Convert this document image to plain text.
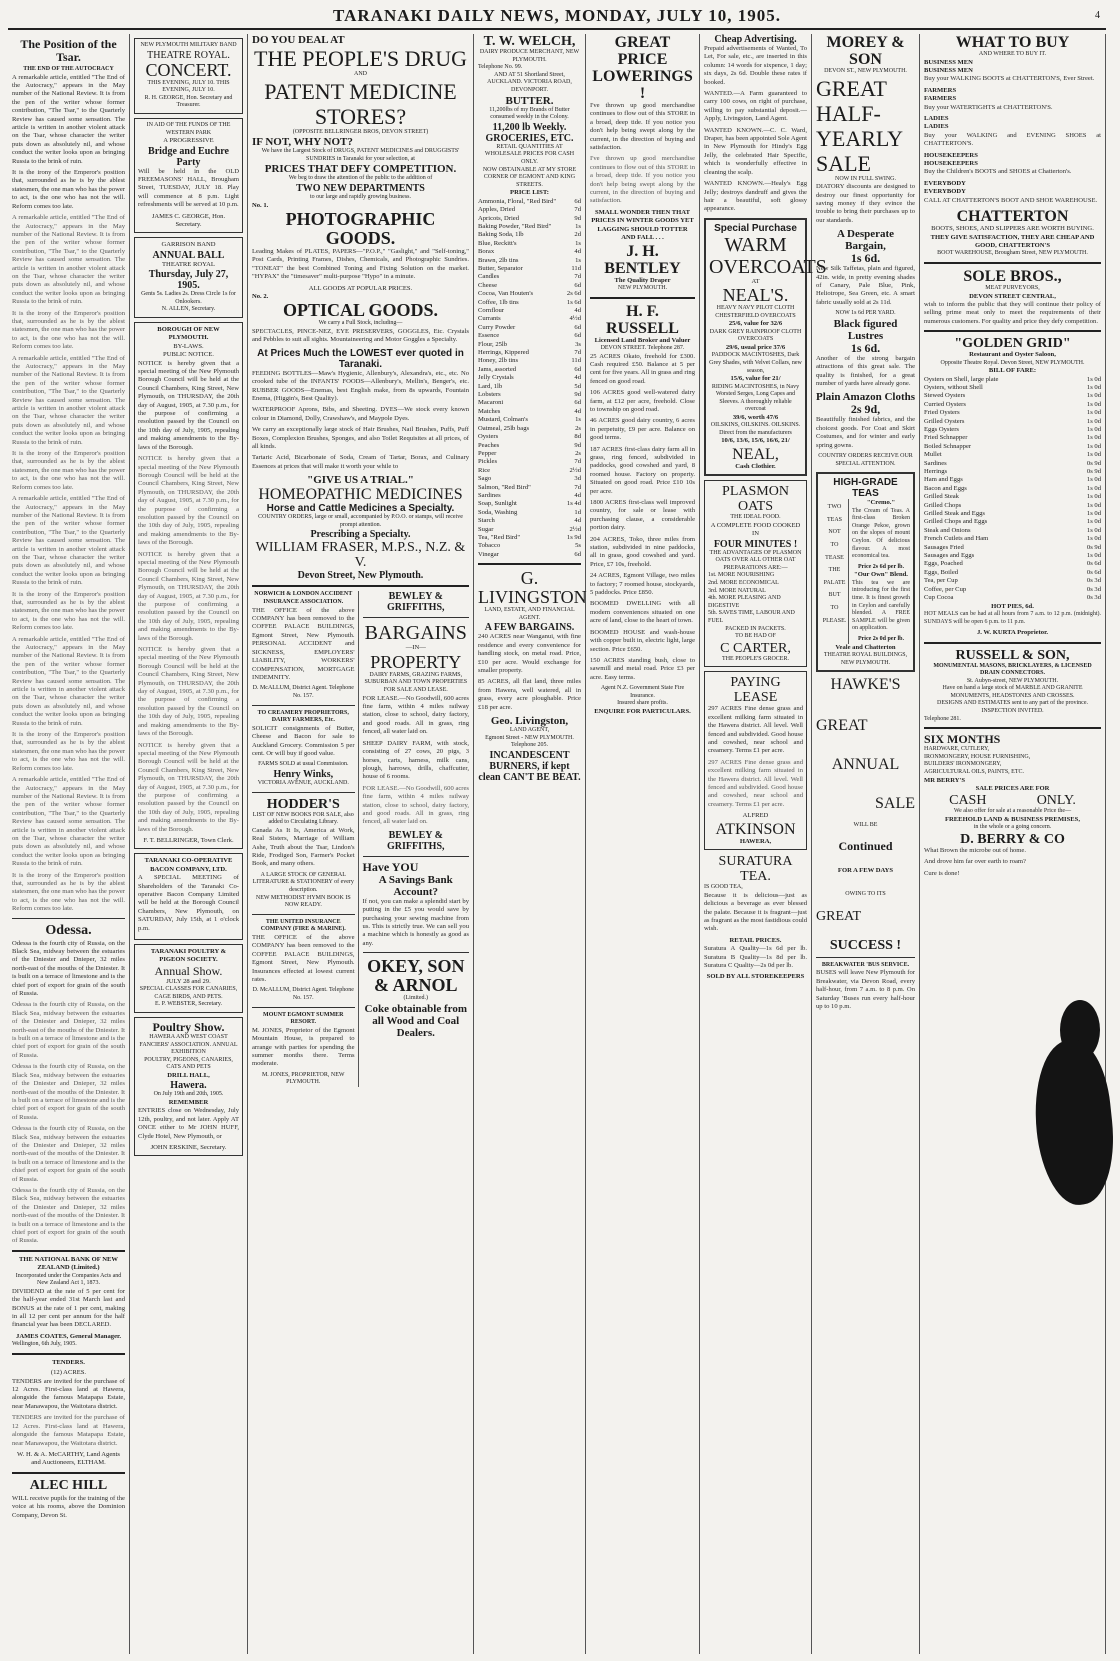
TARANAKI DAILY NEWS, MONDAY, JULY 10, 1905.	4
The Position of the Tsar.
THE END OF THE AUTOCRACY
A remarkable article, entitled "The End of the Autocracy," appears in the May number of the National Review. It is from the pen of the writer whose former contribution, "The Tsar," to the Quarterly Review has caused some sensation. The article is written in another violent attack on the Tsar, whose character the writer puts down as absolutely nil, and whose conduct the writer looks upon as bringing Russia to the brink of ruin.
It is the irony of the Emperor's position that, surrounded as he is by the ablest statesmen, the one man who has the power to act, is the one who has not the will. Reform comes too late.
A remarkable article, entitled "The End of the Autocracy," appears in the May number of the National Review. It is from the pen of the writer whose former contribution, "The Tsar," to the Quarterly Review has caused some sensation. The article is written in another violent attack on the Tsar, whose character the writer puts down as absolutely nil, and whose conduct the writer looks upon as bringing Russia to the brink of ruin.
It is the irony of the Emperor's position that, surrounded as he is by the ablest statesmen, the one man who has the power to act, is the one who has not the will. Reform comes too late.
A remarkable article, entitled "The End of the Autocracy," appears in the May number of the National Review. It is from the pen of the writer whose former contribution, "The Tsar," to the Quarterly Review has caused some sensation. The article is written in another violent attack on the Tsar, whose character the writer puts down as absolutely nil, and whose conduct the writer looks upon as bringing Russia to the brink of ruin.
It is the irony of the Emperor's position that, surrounded as he is by the ablest statesmen, the one man who has the power to act, is the one who has not the will. Reform comes too late.
A remarkable article, entitled "The End of the Autocracy," appears in the May number of the National Review. It is from the pen of the writer whose former contribution, "The Tsar," to the Quarterly Review has caused some sensation. The article is written in another violent attack on the Tsar, whose character the writer puts down as absolutely nil, and whose conduct the writer looks upon as bringing Russia to the brink of ruin.
It is the irony of the Emperor's position that, surrounded as he is by the ablest statesmen, the one man who has the power to act, is the one who has not the will. Reform comes too late.
A remarkable article, entitled "The End of the Autocracy," appears in the May number of the National Review. It is from the pen of the writer whose former contribution, "The Tsar," to the Quarterly Review has caused some sensation. The article is written in another violent attack on the Tsar, whose character the writer puts down as absolutely nil, and whose conduct the writer looks upon as bringing Russia to the brink of ruin.
It is the irony of the Emperor's position that, surrounded as he is by the ablest statesmen, the one man who has the power to act, is the one who has not the will. Reform comes too late.
A remarkable article, entitled "The End of the Autocracy," appears in the May number of the National Review. It is from the pen of the writer whose former contribution, "The Tsar," to the Quarterly Review has caused some sensation. The article is written in another violent attack on the Tsar, whose character the writer puts down as absolutely nil, and whose conduct the writer looks upon as bringing Russia to the brink of ruin.
It is the irony of the Emperor's position that, surrounded as he is by the ablest statesmen, the one man who has the power to act, is the one who has not the will. Reform comes too late.
Odessa.
Odessa is the fourth city of Russia, on the Black Sea, midway between the estuaries of the Dniester and Dnieper, 32 miles north-east of the mouths of the Dniester. It is built on a terrace of limestone and is the chief port of export for grain of the south of Russia.
Odessa is the fourth city of Russia, on the Black Sea, midway between the estuaries of the Dniester and Dnieper, 32 miles north-east of the mouths of the Dniester. It is built on a terrace of limestone and is the chief port of export for grain of the south of Russia.
Odessa is the fourth city of Russia, on the Black Sea, midway between the estuaries of the Dniester and Dnieper, 32 miles north-east of the mouths of the Dniester. It is built on a terrace of limestone and is the chief port of export for grain of the south of Russia.
Odessa is the fourth city of Russia, on the Black Sea, midway between the estuaries of the Dniester and Dnieper, 32 miles north-east of the mouths of the Dniester. It is built on a terrace of limestone and is the chief port of export for grain of the south of Russia.
Odessa is the fourth city of Russia, on the Black Sea, midway between the estuaries of the Dniester and Dnieper, 32 miles north-east of the mouths of the Dniester. It is built on a terrace of limestone and is the chief port of export for grain of the south of Russia.
THE NATIONAL BANK OF NEW ZEALAND (Limited.)
Incorporated under the Companies Acts and New Zealand Act 1, 1873.
DIVIDEND at the rate of 5 per cent for the half-year ended 31st March last and BONUS at the rate of 1 per cent, making in all 12 per cent per annum for the half financial year has been DECLARED.
JAMES COATES, General Manager.
Wellington, 6th July, 1905.
TENDERS.
(12) ACRES.
TENDERS are invited for the purchase of 12 Acres. First-class land at Hawera, alongside the famous Matapapa Estate, near Manawapou, the Waitotara district.
TENDERS are invited for the purchase of 12 Acres. First-class land at Hawera, alongside the famous Matapapa Estate, near Manawapou, the Waitotara district.
W. H. & A. McCARTHY, Land Agents and Auctioneers, ELTHAM.
ALEC HILL
WILL receive pupils for the training of the voice at his rooms, above the Dominion Company, Devon St.
NEW PLYMOUTH MILITARY BAND
THEATRE ROYAL.
CONCERT.
THIS EVENING, JULY 10. THIS EVENING, JULY 10.
R. H. GEORGE, Hon. Secretary and Treasurer.
IN AID OF THE FUNDS OF THE WESTERN PARK
A PROGRESSIVE
Bridge and Euchre Party
Will be held in the OLD FREEMASONS' HALL, Brougham Street, TUESDAY, JULY 18. Play will commence at 8 p.m. Light refreshments will be served at 10 p.m.
JAMES C. GEORGE, Hon. Secretary.
GARRISON BAND
ANNUAL BALL
THEATRE ROYAL
Thursday, July 27, 1905.
Gents 5s. Ladies 2s. Dress Circle 1s for Onlookers.
N. ALLEN, Secretary.
BOROUGH OF NEW PLYMOUTH.
BY-LAWS.
PUBLIC NOTICE.
NOTICE is hereby given that a special meeting of the New Plymouth Borough Council will be held at the Council Chambers, King Street, New Plymouth, on THURSDAY, the 20th day of August, 1905, at 7.30 p.m., for the purpose of confirming a resolution passed by the Council on the 10th day of July, 1905, repealing and making amendments to the By-laws of the Borough.
NOTICE is hereby given that a special meeting of the New Plymouth Borough Council will be held at the Council Chambers, King Street, New Plymouth, on THURSDAY, the 20th day of August, 1905, at 7.30 p.m., for the purpose of confirming a resolution passed by the Council on the 10th day of July, 1905, repealing and making amendments to the By-laws of the Borough.
NOTICE is hereby given that a special meeting of the New Plymouth Borough Council will be held at the Council Chambers, King Street, New Plymouth, on THURSDAY, the 20th day of August, 1905, at 7.30 p.m., for the purpose of confirming a resolution passed by the Council on the 10th day of July, 1905, repealing and making amendments to the By-laws of the Borough.
NOTICE is hereby given that a special meeting of the New Plymouth Borough Council will be held at the Council Chambers, King Street, New Plymouth, on THURSDAY, the 20th day of August, 1905, at 7.30 p.m., for the purpose of confirming a resolution passed by the Council on the 10th day of July, 1905, repealing and making amendments to the By-laws of the Borough.
NOTICE is hereby given that a special meeting of the New Plymouth Borough Council will be held at the Council Chambers, King Street, New Plymouth, on THURSDAY, the 20th day of August, 1905, at 7.30 p.m., for the purpose of confirming a resolution passed by the Council on the 10th day of July, 1905, repealing and making amendments to the By-laws of the Borough.
F. T. BELLRINGER, Town Clerk.
TARANAKI CO-OPERATIVE BACON COMPANY, LTD.
A SPECIAL MEETING of Shareholders of the Taranaki Co-operative Bacon Company Limited will be held at the Borough Council Chambers, New Plymouth, on SATURDAY, July 15th, at 1 o'clock p.m.
TARANAKI POULTRY & PIGEON SOCIETY.
Annual Show.
JULY 28 and 29.
SPECIAL CLASSES FOR CANARIES, CAGE BIRDS, AND PETS.
E. P. WEBSTER, Secretary.
Poultry Show.
HAWERA AND WEST COAST FANCIERS' ASSOCIATION. ANNUAL EXHIBITION
POULTRY, PIGEONS, CANARIES, CATS AND PETS
DRILL HALL,
Hawera.
On July 19th and 20th, 1905.
REMEMBER
ENTRIES close on Wednesday, July 12th, poultry, and not later. Apply AT ONCE either to Mr JOHN HUFF, Clyde Hotel, New Plymouth, or
JOHN ERSKINE, Secretary.
DO YOU DEAL AT
THE PEOPLE'S DRUG
AND
PATENT MEDICINE STORES?
(OPPOSITE BELLRINGER BROS, DEVON STREET)
IF NOT, WHY NOT?
We have the Largest Stock of DRUGS, PATENT MEDICINES and DRUGGISTS' SUNDRIES in Taranaki for your selection, at
PRICES THAT DEFY COMPETITION.
We beg to draw the attention of the public to the addition of
TWO NEW DEPARTMENTS
to our large and rapidly growing business.
No. 1.
PHOTOGRAPHIC GOODS.
Leading Makes of PLATES, PAPERS—"P.O.P.," "Gaslight," and "Self-toning," Post Cards, Printing Frames, Dishes, Chemicals, and Photographic Sundries. "TONEAT" the best Combined Toning and Fixing Solution on the market. "HYPAX" the "timesaver" multi-purpose "Hypo" in a minute.
ALL GOODS AT POPULAR PRICES.
No. 2.
OPTICAL GOODS.
We carry a Full Stock, including—
SPECTACLES, PINCE-NEZ, EYE PRESERVERS, GOGGLES, Etc. Crystals and Pebbles to suit all sights. Mountaineering and Motor Goggles a Specialty.
At Prices Much the LOWEST ever quoted in Taranaki.
FEEDING BOTTLES—Maw's Hygienic, Allenbury's, Alexandra's, etc., etc. No crooked tube of the INFANTS' FOODS—Allenbury's, Mellin's, Benger's, etc. RUBBER GOODS—Enemas, best English make, from 8s upwards, Fountain Enema, (Higgin's, Best Quality).
WATERPROOF Aprons, Bibs, and Sheeting. DYES—We stock every known colour in Diamond, Dolly, Crawshaw's, and Maypole Dyes.
We carry an exceptionally large stock of Hair Brushes, Nail Brushes, Puffs, Puff Boxes, Complexion Brushes, Sponges, and also Toilet Requisites at all prices, of all kinds.
Tartaric Acid, Bicarbonate of Soda, Cream of Tartar, Borax, and Culinary Essences at prices that will make it worth your while to
"GIVE US A TRIAL."
HOMEOPATHIC MEDICINES
Horse and Cattle Medicines a Specialty.
COUNTRY ORDERS, large or small, accompanied by P.O.O. or stamps, will receive prompt attention.
Prescribing a Specialty.
WILLIAM FRASER, M.P.S., N.Z. & V.
Devon Street, New Plymouth.
NORWICH & LONDON ACCIDENT INSURANCE ASSOCIATION.
THE OFFICE of the above COMPANY has been removed to the COFFEE PALACE BUILDINGS, Egmont Street, New Plymouth. PERSONAL ACCIDENT and SICKNESS, EMPLOYERS' LIABILITY, WORKERS' COMPENSATION, MORTGAGE INDEMNITY.
D. McALLUM, District Agent. Telephone No. 157.
TO CREAMERY PROPRIETORS, DAIRY FARMERS, Etc.
SOLICIT consignments of Butter, Cheese and Bacon for sale to Auckland Grocery. Commission 5 per cent. Or will buy if good value.
FARMS SOLD at usual Commission.
Henry Winks,
VICTORIA AVENUE, AUCKLAND.
HODDER'S
LIST OF NEW BOOKS FOR SALE, also added to Circulating Library.
Canada As It Is, America at Work, Real Sisters, Marriage of William Ashe, Truth about the Tsar, Lindon's Ride, Frodiged Son, Farmer's Pocket Book, and many others.
A LARGE STOCK OF GENERAL LITERATURE & STATIONERY of every description.
NEW METHODIST HYMN BOOK IS NOW READY.
THE UNITED INSURANCE COMPANY (FIRE & MARINE).
THE OFFICE of the above COMPANY has been removed to the COFFEE PALACE BUILDINGS, Egmont Street, New Plymouth. Insurances effected at lowest current rates.
D. McALLUM, District Agent. Telephone No. 157.
MOUNT EGMONT SUMMER RESORT.
M. JONES, Proprietor of the Egmont Mountain House, is prepared to arrange with parties for spending the summer months there. Terms moderate.
M. JONES, PROPRIETOR, NEW PLYMOUTH.
BEWLEY & GRIFFITHS,
BARGAINS
—IN—
PROPERTY
DAIRY FARMS, GRAZING FARMS, SUBURBAN AND TOWN PROPERTIES FOR SALE AND LEASE.
FOR LEASE.—No Goodwill, 600 acres fine farm, within 4 miles railway station, close to school, dairy factory, and good roads. All in grass, ring fenced, all water laid on.
SHEEP DAIRY FARM, with stock, consisting of 27 cows, 20 pigs, 3 horses, carts, harness, milk cans, plough, harrows, drills, chaffcutter, house of 6 rooms.
FOR LEASE.—No Goodwill, 600 acres fine farm, within 4 miles railway station, close to school, dairy factory, and good roads. All in grass, ring fenced, all water laid on.
BEWLEY & GRIFFITHS,
Have YOU
A Savings Bank Account?
If not, you can make a splendid start by putting in the £5 you would save by purchasing your sewing machine from us. This is strictly true. We can sell you a machine which is honestly as good as any.
OKEY, SON & ARNOL
(Limited.)
Coke obtainable from all Wood and Coal Dealers.
T. W. WELCH,
DAIRY PRODUCE MERCHANT, NEW PLYMOUTH.
Telephone No. 99.
AND AT 51 Shortland Street, AUCKLAND. VICTORIA ROAD, DEVONPORT.
BUTTER.
11,200lbs of my Brands of Butter consumed weekly in the Colony.
11,200 lb Weekly.
GROCERIES, ETC.
RETAIL QUANTITIES AT WHOLESALE PRICES FOR CASH ONLY.
NOW OBTAINABLE AT MY STORE CORNER OF EGMONT AND KING STREETS.
PRICE LIST:
Ammonia, Floral, "Red Bird"	6d
Apples, Dried	7d
Apricots, Dried	9d
Baking Powder, "Red Bird"	1s
Baking Soda, 1lb	2d
Blue, Reckitt's	1s
Borax	4d
Brawn, 2lb tins	1s
Butter, Separator	11d
Candles	7d
Cheese	6d
Cocoa, Van Houten's	2s 6d
Coffee, 1lb tins	1s 6d
Cornflour	4d
Currants	4½d
Curry Powder	6d
Essence	6d
Flour, 25lb	3s
Herrings, Kippered	7d
Honey, 2lb tins	11d
Jams, assorted	6d
Jelly Crystals	4d
Lard, 1lb	5d
Lobsters	9d
Macaroni	6d
Matches	4d
Mustard, Colman's	1s
Oatmeal, 25lb bags	2s
Oysters	8d
Peaches	9d
Pepper	2s
Pickles	7d
Rice	2½d
Sago	3d
Salmon, "Red Bird"	7d
Sardines	4d
Soap, Sunlight	1s 4d
Soda, Washing	1d
Starch	4d
Sugar	2½d
Tea, "Red Bird"	1s 9d
Tobacco	5s
Vinegar	6d
G. LIVINGSTON
LAND, ESTATE, AND FINANCIAL AGENT.
A FEW BARGAINS.
240 ACRES near Wanganui, with fine residence and every convenience for handling stock, on metal road. Price, £10 per acre. Would exchange for smaller property.
85 ACRES, all flat land, three miles from Hawera, well watered, all in grass, every acre ploughable. Price £18 per acre.
Geo. Livingston,
LAND AGENT,
Egmont Street - NEW PLYMOUTH. Telephone 205.
INCANDESCENT BURNERS, if kept clean CAN'T BE BEAT.
GREAT PRICE LOWERINGS !
I've thrown up good merchandise continues to flow out of this STORE in a broad, deep tide. If you notice you don't help being swept along by the current, in the direction of buying and satisfaction.
I've thrown up good merchandise continues to flow out of this STORE in a broad, deep tide. If you notice you don't help being swept along by the current, in the direction of buying and satisfaction.
SMALL WONDER THEN THAT PRICES IN WINTER GOODS YET LAGGING SHOULD TOTTER AND FALL . . .
J. H. BENTLEY
The Quality Draper
NEW PLYMOUTH.
H. F. RUSSELL
Licensed Land Broker and Valuer
DEVON STREET. Telephone 287.
25 ACRES Okato, freehold for £300. Cash required £50. Balance at 5 per cent for five years. All in grass and ring fenced on good road.
106 ACRES good well-watered dairy farm, at £12 per acre, freehold. Close to township on good road.
46 ACRES good dairy country, 6 acres in perpetuity, £9 per acre. Balance on good terms.
187 ACRES first-class dairy farm all in grass, ring fenced, subdivided in paddocks, good cowshed and yard, 8 roomed house. Factory on property. Situated on good road. Price £10 10s per acre.
1800 ACRES first-class well improved country, for sale or lease with purchasing clause, a considerable portion dairy.
204 ACRES, Toko, three miles from station, subdivided in nine paddocks, all in grass, good cowshed and yard. Price, £7 10s, freehold.
24 ACRES, Egmont Village, two miles to factory; 7 roomed house, stockyards, 5 paddocks. Price £850.
BOOMED DWELLING with all modern conveniences situated on one acre of land, close to the heart of town.
BOOMED HOUSE and wash-house with copper built in, electric light, large section. Price £650.
150 ACRES standing bush, close to sawmill and metal road. Price £3 per acre. Easy terms.
Agent N.Z. Government State Fire Insurance.
Insured share profits.
ENQUIRE FOR PARTICULARS.
Cheap Advertising.
Prepaid advertisements of Wanted, To Let, For sale, etc., are inserted in this column: 14 words for sixpence, 1 day; six days, 2s 6d. Double these rates if booked.
WANTED.—A Farm guaranteed to carry 100 cows, on right of purchase, willing to pay substantial deposit.—Apply, Livingston, Land Agent.
WANTED KNOWN.—C. C. Ward, Draper, has been appointed Sole Agent in New Plymouth for Hindy's Egg Jelly, the celebrated Hair Specific, which is wonderfully effective in cleaning the scalp.
WANTED KNOWN.—Healy's Egg Jelly; destroys dandruff and gives the hair a beautiful, soft glossy appearance.
Special Purchase
WARM OVERCOATS
AT
NEAL'S.
HEAVY NAVY PILOT CLOTH CHESTERFIELD OVERCOATS
25/6, value for 32/6
DARK GREY RAINPROOF CLOTH OVERCOATS
29/6, usual price 37/6
PADDOCK MACINTOSHES, Dark Grey Shades, with Velvet Collars, new season,
15/6, value for 21/
RIDING MACINTOSHES, in Navy Worsted Serges, Long Capes and Sleeves. A thoroughly reliable overcoat
39/6, worth 47/6
OILSKINS, OILSKINS. OILSKINS. Direct from the manufacturers
10/6, 13/6, 15/6, 16/6, 21/
NEAL,
Cash Clothier.
PLASMON OATS
THE IDEAL FOOD.
A COMPLETE FOOD COOKED IN
FOUR MINUTES !
THE ADVANTAGES OF PLASMON OATS OVER ALL OTHER OAT PREPARATIONS ARE:—
1st. MORE NOURISHING
2nd. MORE ECONOMICAL
3rd. MORE NATURAL
4th. MORE PLEASING AND DIGESTIVE
5th. SAVES TIME, LABOUR AND FUEL
PACKED IN PACKETS.
TO BE HAD OF
C CARTER,
THE PEOPLE'S GROCER.
PAYING LEASE
297 ACRES Fine dense grass and excellent milking farm situated in the Hawera district. All level. Well fenced and subdivided. Good house and cowshed, near school and creamery. Terms £1 per acre.
297 ACRES Fine dense grass and excellent milking farm situated in the Hawera district. All level. Well fenced and subdivided. Good house and cowshed, near school and creamery. Terms £1 per acre.
ALFRED
ATKINSON
HAWERA,
SURATURA TEA.
IS GOOD TEA,
Because it is delicious—just as delicious a beverage as ever blessed the palate. Because it is fragrant—just as fragrant as the most fastidious could wish.
RETAIL PRICES.
Suratura A Quality—1s 6d per lb. Suratura B Quality—1s 8d per lb. Suratura C Quality—2s 0d per lb.
SOLD BY ALL STOREKEEPERS
MOREY & SON
DEVON ST., NEW PLYMOUTH.
GREAT
HALF-
YEARLY
SALE
NOW IN FULL SWING.
DIATORY discounts are designed to destroy our finest opportunity for saving money if they evince the trouble to bring their purchases up to our standards.
A Desperate Bargain,
1s 6d.
New Silk Taffetas, plain and figured, 42in. wide, in pretty evening shades of Canary, Pale Blue, Pink, Heliotrope, Sea Green, etc. A smart fabric usually sold at 2s 11d.
NOW 1s 6d PER YARD.
Black figured Lustres
1s 6d.
Another of the strong bargain attractions of this great sale. The quality is finished, for a great number of yards have already gone.
Plain Amazon Cloths
2s 9d,
Beautifully finished fabrics, and the choicest goods. For Coat and Skirt Costumes, and for winter and early spring gowns.
COUNTRY ORDERS RECEIVE OUR SPECIAL ATTENTION.
HIGH-GRADE TEAS
TWO
TEAS
NOT
TO
TEASE
THE
PALATE
BUT
TO
PLEASE.
"Cremo."
The Cream of Teas. A first-class Broken Orange Pekoe, grown on the slopes of mount Ceylon. Of delicious flavour. A most economical tea.
Price 2s 6d per lb.
"Our Own" Blend.
This tea we are introducing for the first time. It is finest growth in Ceylon and carefully blended. A FREE SAMPLE will be given on application.
Price 2s 0d per lb.
Veale and Chatterton
THEATRE ROYAL BUILDINGS, NEW PLYMOUTH.
HAWKE'S
GREAT
ANNUAL
SALE
WILL BE
Continued
FOR A FEW DAYS
OWING TO ITS
GREAT
SUCCESS !
BREAKWATER 'BUS SERVICE.
BUSES will leave New Plymouth for Breakwater, via Devon Road, every half-hour, from 7 a.m. to 8 p.m. On Saturday 'Buses run every half-hour up to 10 p.m.
WHAT TO BUY
AND WHERE TO BUY IT.
BUSINESS MEN
BUSINESS MEN
Buy your WALKING BOOTS at CHATTERTON'S, Ever Street.
FARMERS
FARMERS
Buy your WATERTIGHTS at CHATTERTON'S.
LADIES
LADIES
Buy your WALKING and EVENING SHOES at CHATTERTON'S.
HOUSEKEEPERS
HOUSEKEEPERS
Buy the Children's BOOTS and SHOES at Chatterton's.
EVERYBODY
EVERYBODY
CALL AT CHATTERTON'S BOOT AND SHOE WAREHOUSE.
CHATTERTON
BOOTS, SHOES, AND SLIPPERS ARE WORTH BUYING.
THEY GIVE SATISFACTION, THEY ARE CHEAP AND GOOD, CHATTERTON'S
BOOT WAREHOUSE, Brougham Street, NEW PLYMOUTH.
SOLE BROS.,
MEAT PURVEYORS,
DEVON STREET CENTRAL,
wish to inform the public that they will continue their policy of selling prime meat only to meet the requirements of their numerous customers. For quality and price they defy competition.
"GOLDEN GRID"
Restaurant and Oyster Saloon,
Opposite Theatre Royal. Devon Street, NEW PLYMOUTH.
BILL OF FARE:
Oysters on Shell, large plate	1s 0d
Oysters, without Shell	1s 0d
Stewed Oysters	1s 0d
Curried Oysters	1s 0d
Fried Oysters	1s 0d
Grilled Oysters	1s 0d
Eggs Oysters	1s 0d
Fried Schnapper	1s 0d
Boiled Schnapper	1s 0d
Mullet	1s 0d
Sardines	0s 9d
Herrings	0s 9d
Ham and Eggs	1s 0d
Bacon and Eggs	1s 0d
Grilled Steak	1s 0d
Grilled Chops	1s 0d
Grilled Steak and Eggs	1s 0d
Grilled Chops and Eggs	1s 0d
Steak and Onions	1s 0d
French Cutlets and Ham	1s 0d
Sausages Fried	0s 9d
Sausages and Eggs	1s 0d
Eggs, Poached	0s 6d
Eggs, Boiled	0s 6d
Tea, per Cup	0s 3d
Coffee, per Cup	0s 3d
Cup Cocoa	0s 3d
HOT PIES, 6d.
HOT MEALS can be had at all hours from 7 a.m. to 12 p.m. (midnight). SUNDAYS will be open 6 p.m. to 11 p.m.
J. W. KURTA Proprietor.
RUSSELL & SON,
MONUMENTAL MASONS, BRICKLAYERS, & LICENSED DRAIN CONNECTORS.
St. Aubyn-street, NEW PLYMOUTH.
Have on hand a large stock of MARBLE AND GRANITE MONUMENTS, HEADSTONES AND CROSSES.
DESIGNS AND ESTIMATES sent to any part of the province.
INSPECTION INVITED.
Telephone 281.
SIX MONTHS
HARDWARE, CUTLERY, IRONMONGERY, HOUSE FURNISHING, BUILDERS' IRONMONGERY, AGRICULTURAL OILS, PAINTS, ETC.
MR BERRY'S
SALE PRICES ARE FOR
CASH	ONLY.
We also offer for sale at a reasonable Price the—
FREEHOLD LAND & BUSINESS PREMISES,
in the whole or a going concern.
D. BERRY & CO
What Brown the microbe out of home.
And drove him far over earth to roam?
Cure is done!
